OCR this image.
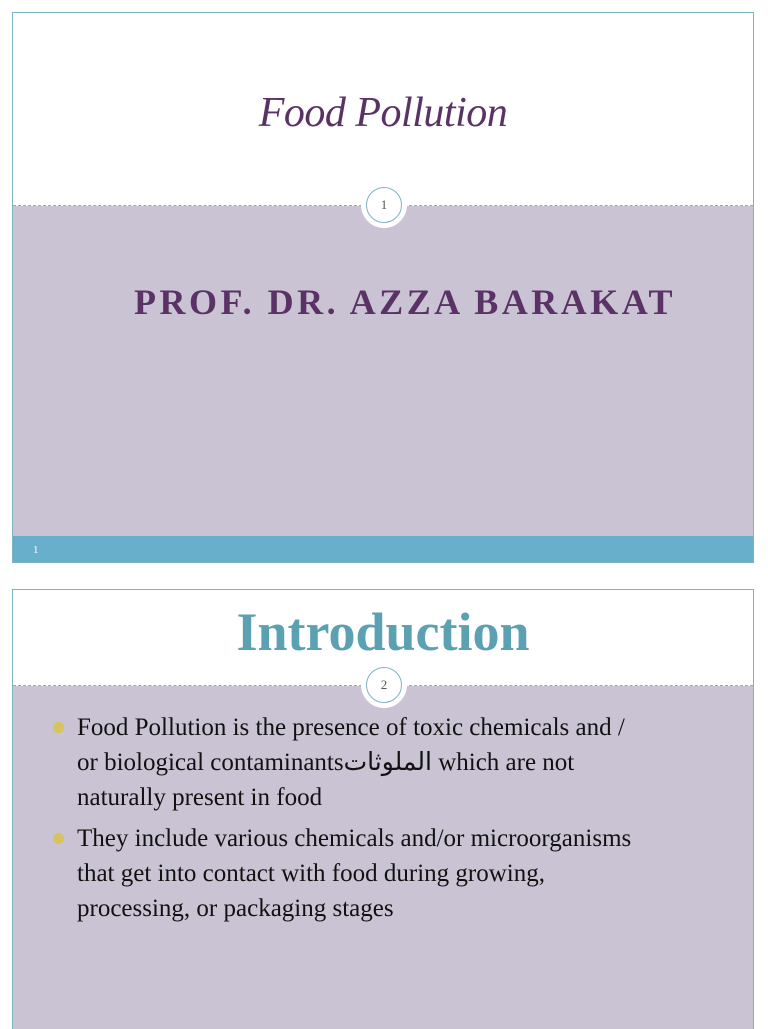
Food Pollution
PROF. DR. AZZA BARAKAT
1
1
Introduction
Food Pollution is the presence of toxic chemicals and /
or biological contaminantsالملوثات which are not
naturally present in food
They include various chemicals and/or microorganisms
that get into contact with food during growing,
processing, or packaging stages
2
